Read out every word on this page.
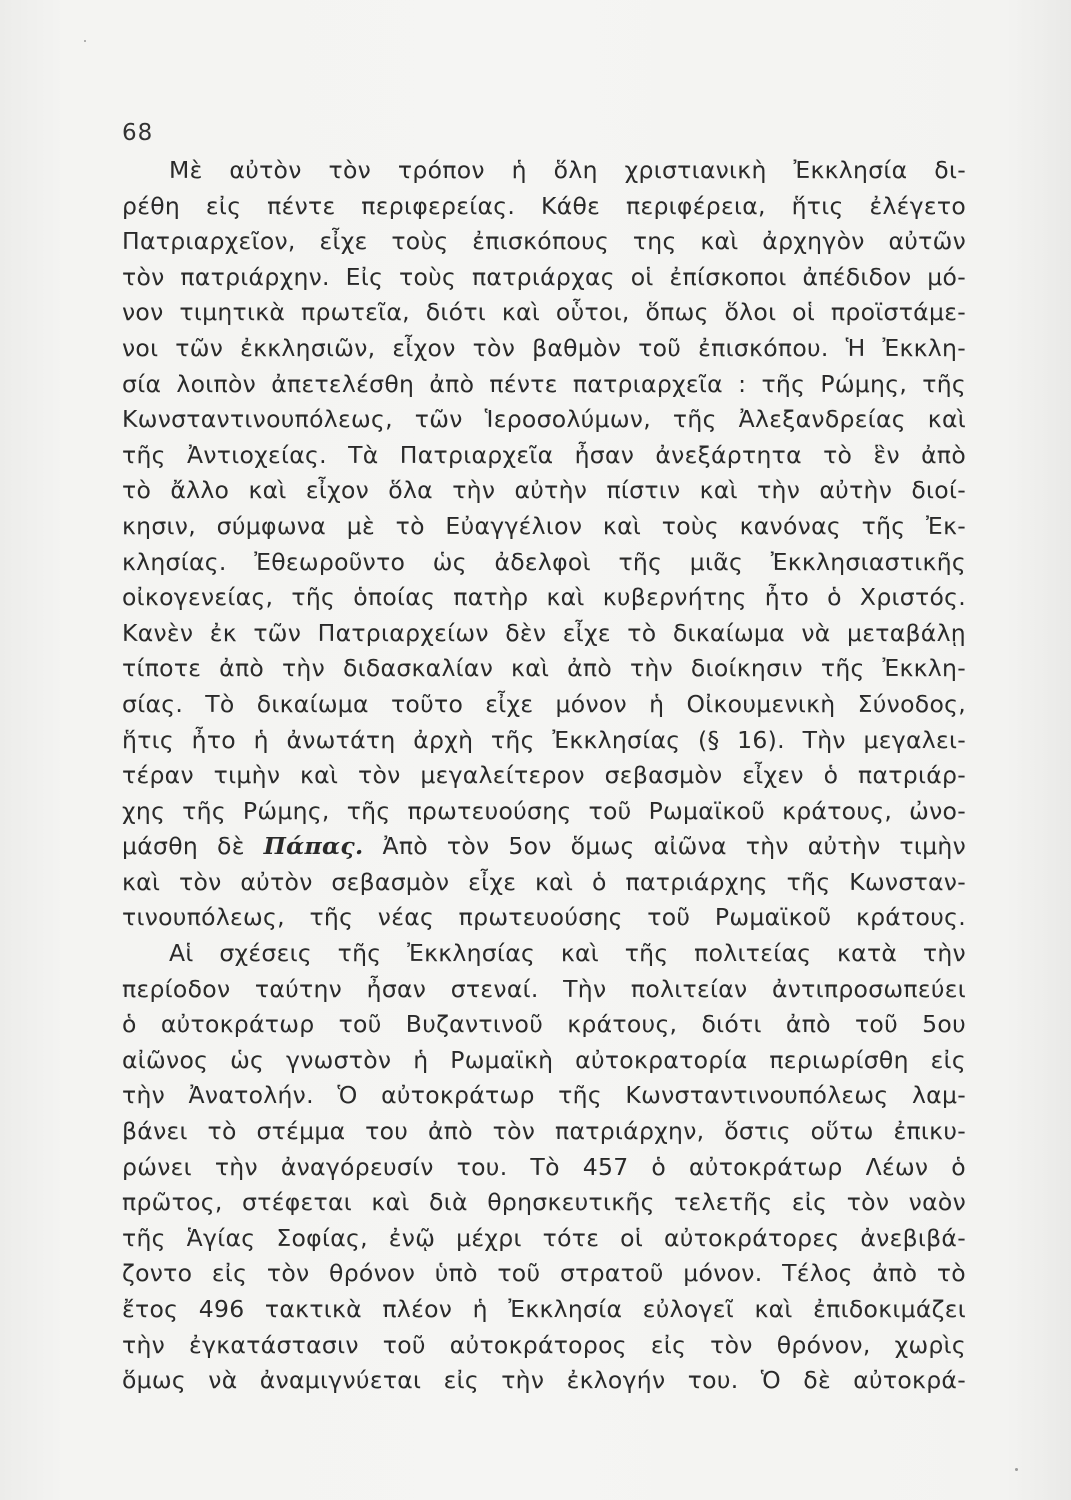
68
Μὲ αὐτὸν τὸν τρόπον ἡ ὅλη χριστιανικὴ Ἐκκλησία δι-
ρέθη εἰς πέντε περιφερείας. Κάθε περιφέρεια, ἥτις ἐλέγετο
Πατριαρχεῖον, εἶχε τοὺς ἐπισκόπους της καὶ ἀρχηγὸν αὐτῶν
τὸν πατριάρχην. Εἰς τοὺς πατριάρχας οἱ ἐπίσκοποι ἀπέδιδον μό-
νον τιμητικὰ πρωτεῖα, διότι καὶ οὗτοι, ὅπως ὅλοι οἱ προϊστάμε-
νοι τῶν ἐκκλησιῶν, εἶχον τὸν βαθμὸν τοῦ ἐπισκόπου. Ἡ Ἐκκλη-
σία λοιπὸν ἀπετελέσθη ἀπὸ πέντε πατριαρχεῖα : τῆς Ρώμης, τῆς
Κωνσταντινουπόλεως, τῶν Ἱεροσολύμων, τῆς Ἀλεξανδρείας καὶ
τῆς Ἀντιοχείας. Τὰ Πατριαρχεῖα ἦσαν ἀνεξάρτητα τὸ ἓν ἀπὸ
τὸ ἄλλο καὶ εἶχον ὅλα τὴν αὐτὴν πίστιν καὶ τὴν αὐτὴν διοί-
κησιν, σύμφωνα μὲ τὸ Εὐαγγέλιον καὶ τοὺς κανόνας τῆς Ἐκ-
κλησίας. Ἐθεωροῦντο ὡς ἀδελφοὶ τῆς μιᾶς Ἐκκλησιαστικῆς
οἰκογενείας, τῆς ὁποίας πατὴρ καὶ κυβερνήτης ἦτο ὁ Χριστός.
Κανὲν ἐκ τῶν Πατριαρχείων δὲν εἶχε τὸ δικαίωμα νὰ μεταβάλῃ
τίποτε ἀπὸ τὴν διδασκαλίαν καὶ ἀπὸ τὴν διοίκησιν τῆς Ἐκκλη-
σίας. Τὸ δικαίωμα τοῦτο εἶχε μόνον ἡ Οἰκουμενικὴ Σύνοδος,
ἥτις ἦτο ἡ ἀνωτάτη ἀρχὴ τῆς Ἐκκλησίας (§ 16). Τὴν μεγαλει-
τέραν τιμὴν καὶ τὸν μεγαλείτερον σεβασμὸν εἶχεν ὁ πατριάρ-
χης τῆς Ρώμης, τῆς πρωτευούσης τοῦ Ρωμαϊκοῦ κράτους, ὠνο-
μάσθη δὲ Πάπας. Ἀπὸ τὸν 5ον ὅμως αἰῶνα τὴν αὐτὴν τιμὴν
καὶ τὸν αὐτὸν σεβασμὸν εἶχε καὶ ὁ πατριάρχης τῆς Κωνσταν-
τινουπόλεως, τῆς νέας πρωτευούσης τοῦ Ρωμαϊκοῦ κράτους.
Αἱ σχέσεις τῆς Ἐκκλησίας καὶ τῆς πολιτείας κατὰ τὴν
περίοδον ταύτην ἦσαν στεναί. Τὴν πολιτείαν ἀντιπροσωπεύει
ὁ αὐτοκράτωρ τοῦ Βυζαντινοῦ κράτους, διότι ἀπὸ τοῦ 5ου
αἰῶνος ὡς γνωστὸν ἡ Ρωμαϊκὴ αὐτοκρατορία περιωρίσθη εἰς
τὴν Ἀνατολήν. Ὁ αὐτοκράτωρ τῆς Κωνσταντινουπόλεως λαμ-
βάνει τὸ στέμμα του ἀπὸ τὸν πατριάρχην, ὅστις οὕτω ἐπικυ-
ρώνει τὴν ἀναγόρευσίν του. Τὸ 457 ὁ αὐτοκράτωρ Λέων ὁ
πρῶτος, στέφεται καὶ διὰ θρησκευτικῆς τελετῆς εἰς τὸν ναὸν
τῆς Ἁγίας Σοφίας, ἐνῷ μέχρι τότε οἱ αὐτοκράτορες ἀνεβιβά-
ζοντο εἰς τὸν θρόνον ὑπὸ τοῦ στρατοῦ μόνον. Τέλος ἀπὸ τὸ
ἔτος 496 τακτικὰ πλέον ἡ Ἐκκλησία εὐλογεῖ καὶ ἐπιδοκιμάζει
τὴν ἐγκατάστασιν τοῦ αὐτοκράτορος εἰς τὸν θρόνον, χωρὶς
ὅμως νὰ ἀναμιγνύεται εἰς τὴν ἐκλογήν του. Ὁ δὲ αὐτοκρά-
